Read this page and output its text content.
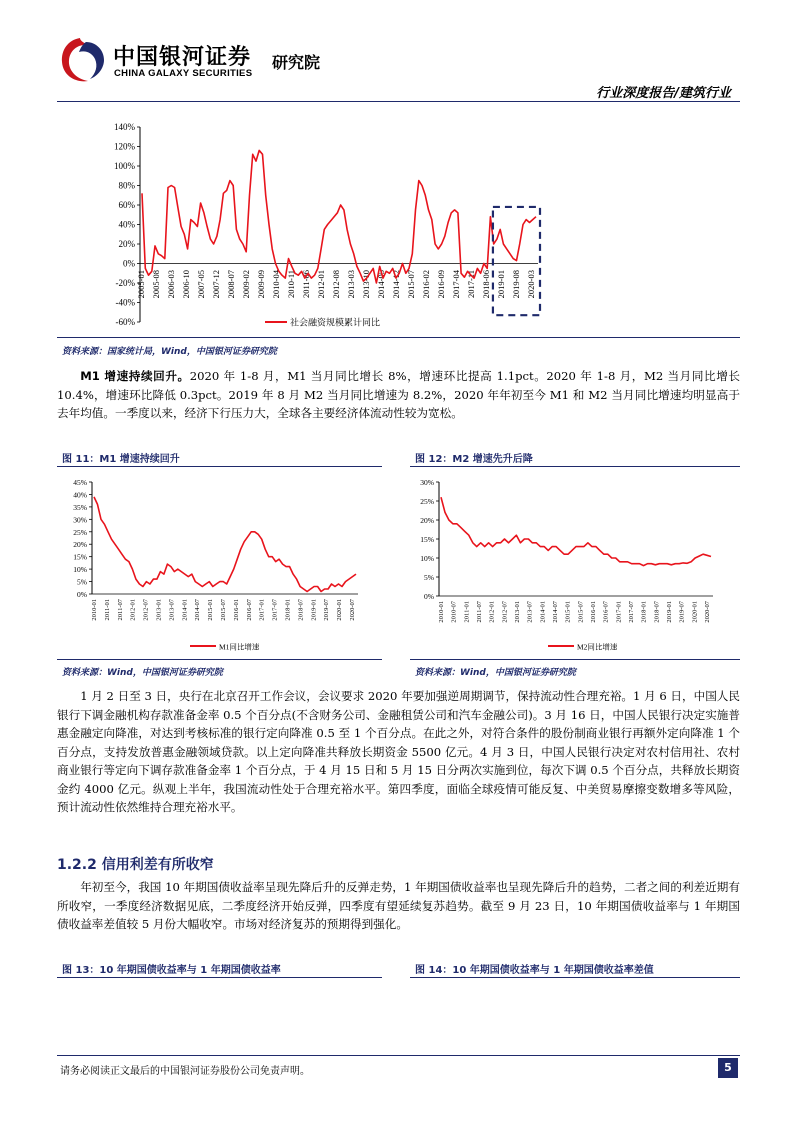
中国银河证券
CHINA GALAXY SECURITIES
研究院
行业深度报告/建筑行业
140%
120%
100%
80%
60%
40%
20%
0%
-20%
-40%
-60%
2005-01 2005-08 2006-03 2006-10 2007-05 2007-12 2008-07 2009-02 2009-09 2010-04 2010-11 2011-06 2012-01 2012-08 2013-03 2013-10 2014-05 2014-12 2015-07 2016-02 2016-09 2017-04 2017-11 2018-06 2019-01 2019-08 2020-03
社会融资规模累计同比
资料来源：国家统计局，Wind，中国银河证券研究院
M1 增速持续回升。2020 年 1-8 月，M1 当月同比增长 8%，增速环比提高 1.1pct。2020 年 1-8 月，M2 当月同比增长 10.4%，增速环比降低 0.3pct。2019 年 8 月 M2 当月同比增速为 8.2%，2020 年年初至今 M1 和 M2 当月同比增速均明显高于去年均值。一季度以来，经济下行压力大，全球各主要经济体流动性较为宽松。
图 11：M1 增速持续回升	图 12：M2 增速先升后降
45%
40%
35%
30%
25%
20%
15%
10%
5%
0%
2010-01 2011-01 2011-07 2012-01 2012-07 2013-01 2013-07 2014-01 2014-07 2015-01 2015-07 2016-01 2016-07 2017-01 2017-07 2018-01 2018-07 2019-01 2019-07 2020-01 2020-07
M1同比增速
30%
25%
20%
15%
10%
5%
0%
2010-01 2010-07 2011-01 2011-07 2012-01 2012-07 2013-01 2013-07 2014-01 2014-07 2015-01 2015-07 2016-01 2016-07 2017-01 2017-07 2018-01 2018-07 2019-01 2019-07 2020-01 2020-07
M2同比增速
资料来源：Wind，中国银河证券研究院	资料来源：Wind，中国银河证券研究院
1 月 2 日至 3 日，央行在北京召开工作会议，会议要求 2020 年要加强逆周期调节，保持流动性合理充裕。1 月 6 日，中国人民银行下调金融机构存款准备金率 0.5 个百分点(不含财务公司、金融租赁公司和汽车金融公司)。3 月 16 日，中国人民银行决定实施普惠金融定向降准，对达到考核标准的银行定向降准 0.5 至 1 个百分点。在此之外，对符合条件的股份制商业银行再额外定向降准 1 个百分点，支持发放普惠金融领域贷款。以上定向降准共释放长期资金 5500 亿元。4 月 3 日，中国人民银行决定对农村信用社、农村商业银行等定向下调存款准备金率 1 个百分点，于 4 月 15 日和 5 月 15 日分两次实施到位，每次下调 0.5 个百分点，共释放长期资金约 4000 亿元。纵观上半年，我国流动性处于合理充裕水平。第四季度，面临全球疫情可能反复、中美贸易摩擦变数增多等风险，预计流动性依然维持合理充裕水平。
1.2.2 信用利差有所收窄
年初至今，我国 10 年期国债收益率呈现先降后升的反弹走势，1 年期国债收益率也呈现先降后升的趋势，二者之间的利差近期有所收窄，一季度经济数据见底，二季度经济开始反弹，四季度有望延续复苏趋势。截至 9 月 23 日，10 年期国债收益率与 1 年期国债收益率差值较 5 月份大幅收窄。市场对经济复苏的预期得到强化。
图 13：10 年期国债收益率与 1 年期国债收益率	图 14：10 年期国债收益率与 1 年期国债收益率差值
请务必阅读正文最后的中国银河证券股份公司免责声明。	5
